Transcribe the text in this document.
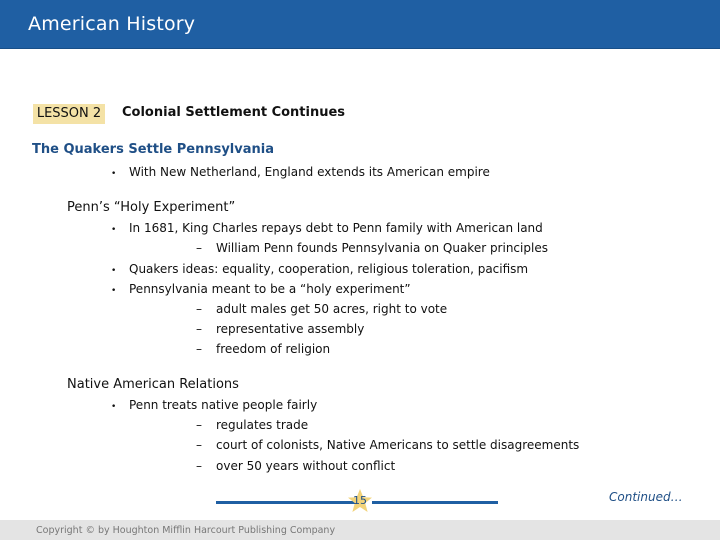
American History
LESSON 2 Colonial Settlement Continues
The Quakers Settle Pennsylvania
• With New Netherland, England extends its American empire
Penn’s “Holy Experiment”
• In 1681, King Charles repays debt to Penn family with American land
– William Penn founds Pennsylvania on Quaker principles
• Quakers ideas: equality, cooperation, religious toleration, pacifism
• Pennsylvania meant to be a “holy experiment”
– adult males get 50 acres, right to vote
– representative assembly
– freedom of religion
Native American Relations
• Penn treats native people fairly
– regulates trade
– court of colonists, Native Americans to settle disagreements
– over 50 years without conflict
15	Continued…
Copyright © by Houghton Mifflin Harcourt Publishing Company
